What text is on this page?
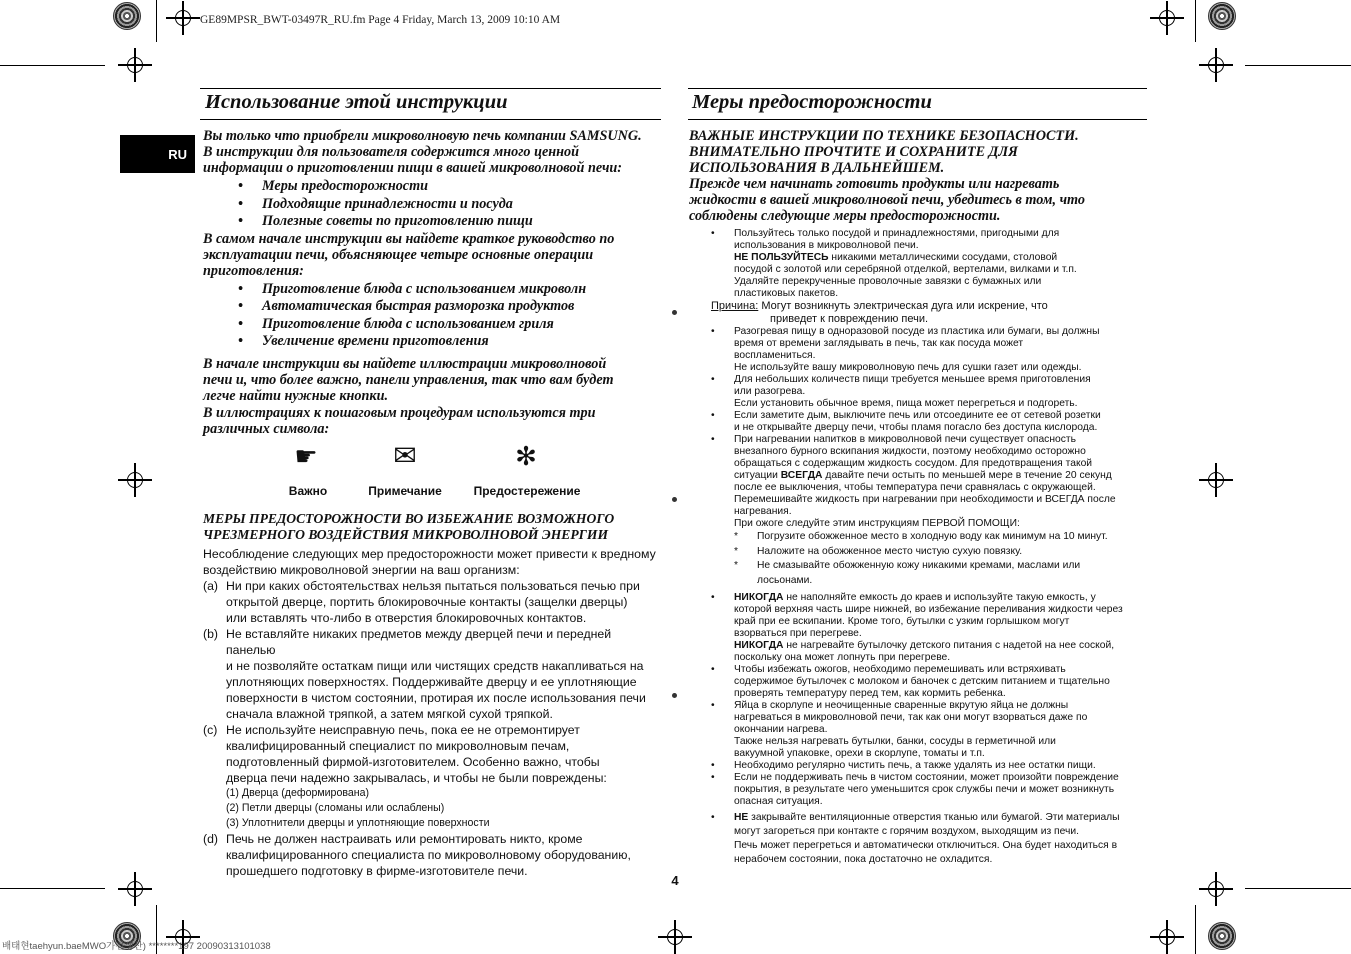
GE89MPSR_BWT-03497R_RU.fm Page 4 Friday, March 13, 2009 10:10 AM
RU
Использование этой инструкции
Вы только что приобрели микроволновую печь компании SAMSUNG.
В инструкции для пользователя содержится много ценной
информации о приготовлении пищи в вашей микроволновой печи:
• Меры предосторожности
• Подходящие принадлежности и посуда
• Полезные советы по приготовлению пищи
В самом начале инструкции вы найдете краткое руководство по
эксплуатации печи, объясняющее четыре основные операции
приготовления:
• Приготовление блюда с использованием микроволн
• Автоматическая быстрая разморозка продуктов
• Приготовление блюда с использованием гриля
• Увеличение времени приготовления
В начале инструкции вы найдете иллюстрации микроволновой
печи и, что более важно, панели управления, так что вам будет
легче найти нужные кнопки.
В иллюстрациях к пошаговым процедурам используются три
различных символа:
☛	✉	✻
Важно	Примечание	Предостережение
МЕРЫ ПРЕДОСТОРОЖНОСТИ ВО ИЗБЕЖАНИЕ ВОЗМОЖНОГО
ЧРЕЗМЕРНОГО ВОЗДЕЙСТВИЯ МИКРОВОЛНОВОЙ ЭНЕРГИИ
Несоблюдение следующих мер предосторожности может привести к вредному
воздействию микроволновой энергии на ваш организм:
(a) Ни при каких обстоятельствах нельзя пытаться пользоваться печью при
открытой дверце, портить блокировочные контакты (защелки дверцы)
или вставлять что-либо в отверстия блокировочных контактов.
(b) Не вставляйте никаких предметов между дверцей печи и передней панелью
и не позволяйте остаткам пищи или чистящих средств накапливаться на
уплотняющих поверхностях. Поддерживайте дверцу и ее уплотняющие
поверхности в чистом состоянии, протирая их после использования печи
сначала влажной тряпкой, а затем мягкой сухой тряпкой.
(c) Не используйте неисправную печь, пока ее не отремонтирует
квалифицированный специалист по микроволновым печам,
подготовленный фирмой-изготовителем. Особенно важно, чтобы
дверца печи надежно закрывалась, и чтобы не были повреждены:
(1) Дверца (деформирована)
(2) Петли дверцы (сломаны или ослаблены)
(3) Уплотнители дверцы и уплотняющие поверхности
(d) Печь не должен настраивать или ремонтировать никто, кроме
квалифицированного специалиста по микроволновому оборудованию,
прошедшего подготовку в фирме-изготовителе печи.
Меры предосторожности
ВАЖНЫЕ ИНСТРУКЦИИ ПО ТЕХНИКЕ БЕЗОПАСНОСТИ.
ВНИМАТЕЛЬНО ПРОЧТИТЕ И СОХРАНИТЕ ДЛЯ
ИСПОЛЬЗОВАНИЯ В ДАЛЬНЕЙШЕМ.
Прежде чем начинать готовить продукты или нагревать
жидкости в вашей микроволновой печи, убедитесь в том, что
соблюдены следующие меры предосторожности.
• Пользуйтесь только посудой и принадлежностями, пригодными для
использования в микроволновой печи.
НЕ ПОЛЬЗУЙТЕСЬ никакими металлическими сосудами, столовой
посудой с золотой или серебряной отделкой, вертелами, вилками и т.п.
Удаляйте перекрученные проволочные завязки с бумажных или
пластиковых пакетов.
Причина: Могут возникнуть электрическая дуга или искрение, что
приведет к повреждению печи.
• Разогревая пищу в одноразовой посуде из пластика или бумаги, вы должны
время от времени заглядывать в печь, так как посуда может
воспламениться.
Не используйте вашу микроволновую печь для сушки газет или одежды.
• Для небольших количеств пищи требуется меньшее время приготовления
или разогрева.
Если установить обычное время, пища может перегреться и подгореть.
• Если заметите дым, выключите печь или отсоедините ее от сетевой розетки
и не открывайте дверцу печи, чтобы пламя погасло без доступа кислорода.
• При нагревании напитков в микроволновой печи существует опасность
внезапного бурного вскипания жидкости, поэтому необходимо осторожно
обращаться с содержащим жидкость сосудом. Для предотвращения такой
ситуации ВСЕГДА давайте печи остыть по меньшей мере в течение 20 секунд
после ее выключения, чтобы температура печи сравнялась с окружающей.
Перемешивайте жидкость при нагревании при необходимости и ВСЕГДА после
нагревания.
При ожоге следуйте этим инструкциям ПЕРВОЙ ПОМОЩИ:
* Погрузите обожженное место в холодную воду как минимум на 10 минут.
* Наложите на обожженное место чистую сухую повязку.
* Не смазывайте обожженную кожу никакими кремами, маслами или
лосьонами.
• НИКОГДА не наполняйте емкость до краев и используйте такую емкость, у
которой верхняя часть шире нижней, во избежание переливания жидкости через
край при ее вскипании. Кроме того, бутылки с узким горлышком могут
взорваться при перегреве.
НИКОГДА не нагревайте бутылочку детского питания с надетой на нее соской,
поскольку она может лопнуть при перегреве.
• Чтобы избежать ожогов, необходимо перемешивать или встряхивать
содержимое бутылочек с молоком и баночек с детским питанием и тщательно
проверять температуру перед тем, как кормить ребенка.
• Яйца в скорлупе и неочищенные сваренные вкрутую яйца не должны
нагреваться в микроволновой печи, так как они могут взорваться даже по
окончании нагрева.
Также нельзя нагревать бутылки, банки, сосуды в герметичной или
вакуумной упаковке, орехи в скорлупе, томаты и т.п.
• Необходимо регулярно чистить печь, а также удалять из нее остатки пищи.
• Если не поддерживать печь в чистом состоянии, может произойти повреждение
покрытия, в результате чего уменьшится срок службы печи и может возникнуть
опасная ситуация.
• НЕ закрывайте вентиляционные отверстия тканью или бумагой. Эти материалы
могут загореться при контакте с горячим воздухом, выходящим из печи.
Печь может перегреться и автоматически отключиться. Она будет находиться в
нерабочем состоянии, пока достаточно не охладится.
4
배태현taehyun.baeMWO가전생산) ********197 20090313101038
